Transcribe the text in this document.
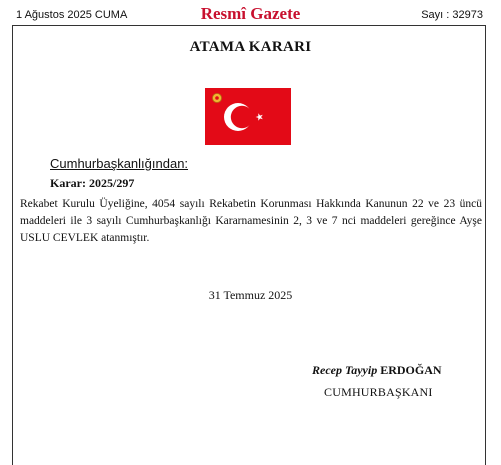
1 Ağustos 2025 CUMA	Resmî Gazete	Sayı : 32973
ATAMA KARARI
Cumhurbaşkanlığından:
Karar: 2025/297

Rekabet Kurulu Üyeliğine, 4054 sayılı Rekabetin Korunması Hakkında Kanunun 22 ve 23 üncü maddeleri ile 3 sayılı Cumhurbaşkanlığı Kararnamesinin 2, 3 ve 7 nci maddeleri gereğince Ayşe USLU CEVLEK atanmıştır.

31 Temmuz 2025
Recep Tayyip ERDOĞAN
CUMHURBAŞKANI
